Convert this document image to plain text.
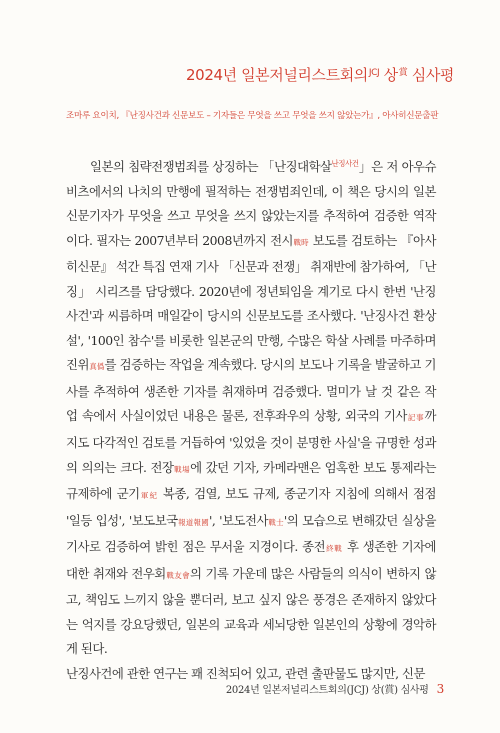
2024년 일본저널리스트회의$^{JCJ}$ 상$^賞$ 심사평
조마루 요이치, 『난징사건과 신문보도 – 기자들은 무엇을 쓰고 무엇을 쓰지 않았는가』, 아사히신문출판

일본의 침략전쟁범죄를 상징하는 「난징대학살$^{난징사건}$」은 저 아우슈비츠에서의 나치의 만행에 필적하는 전쟁범죄인데, 이 책은 당시의 일본 신문기자가 무엇을 쓰고 무엇을 쓰지 않았는지를 추적하여 검증한 역작이다. 필자는 2007년부터 2008년까지 전시戰時 보도를 검토하는 『아사히신문』 석간 특집 연재 기사 「신문과 전쟁」 취재반에 참가하여, 「난징」 시리즈를 담당했다. 2020년에 정년퇴임을 계기로 다시 한번 '난징사건'과 씨름하며 매일같이 당시의 신문보도를 조사했다. '난징사건 환상설', '100인 참수'를 비롯한 일본군의 만행, 수많은 학살 사례를 마주하며 진위真僞를 검증하는 작업을 계속했다. 당시의 보도나 기록을 발굴하고 기사를 추적하여 생존한 기자를 취재하며 검증했다. 멀미가 날 것 같은 작업 속에서 사실이었던 내용은 물론, 전후좌우의 상황, 외국의 기사記事까지도 다각적인 검토를 거듭하여 '있었을 것이 분명한 사실'을 규명한 성과의 의의는 크다. 전장戰場에 갔던 기자, 카메라맨은 엄혹한 보도 통제라는 규제하에 군기軍紀 복종, 검열, 보도 규제, 종군기자 지침에 의해서 점점 '일등 입성', '보도보국報道報國', '보도전사戰士'의 모습으로 변해갔던 실상을 기사로 검증하여 밝힌 점은 무서울 지경이다. 종전終戰 후 생존한 기자에 대한 취재와 전우회戰友會의 기록 가운데 많은 사람들의 의식이 변하지 않고, 책임도 느끼지 않을 뿐더러, 보고 싶지 않은 풍경은 존재하지 않았다는 억지를 강요당했던, 일본의 교육과 세뇌당한 일본인의 상황에 경악하게 된다.

난징사건에 관한 연구는 꽤 진척되어 있고, 관련 출판물도 많지만, 신문

2024년 일본저널리스트회의(JCJ) 상(賞) 심사평 3
